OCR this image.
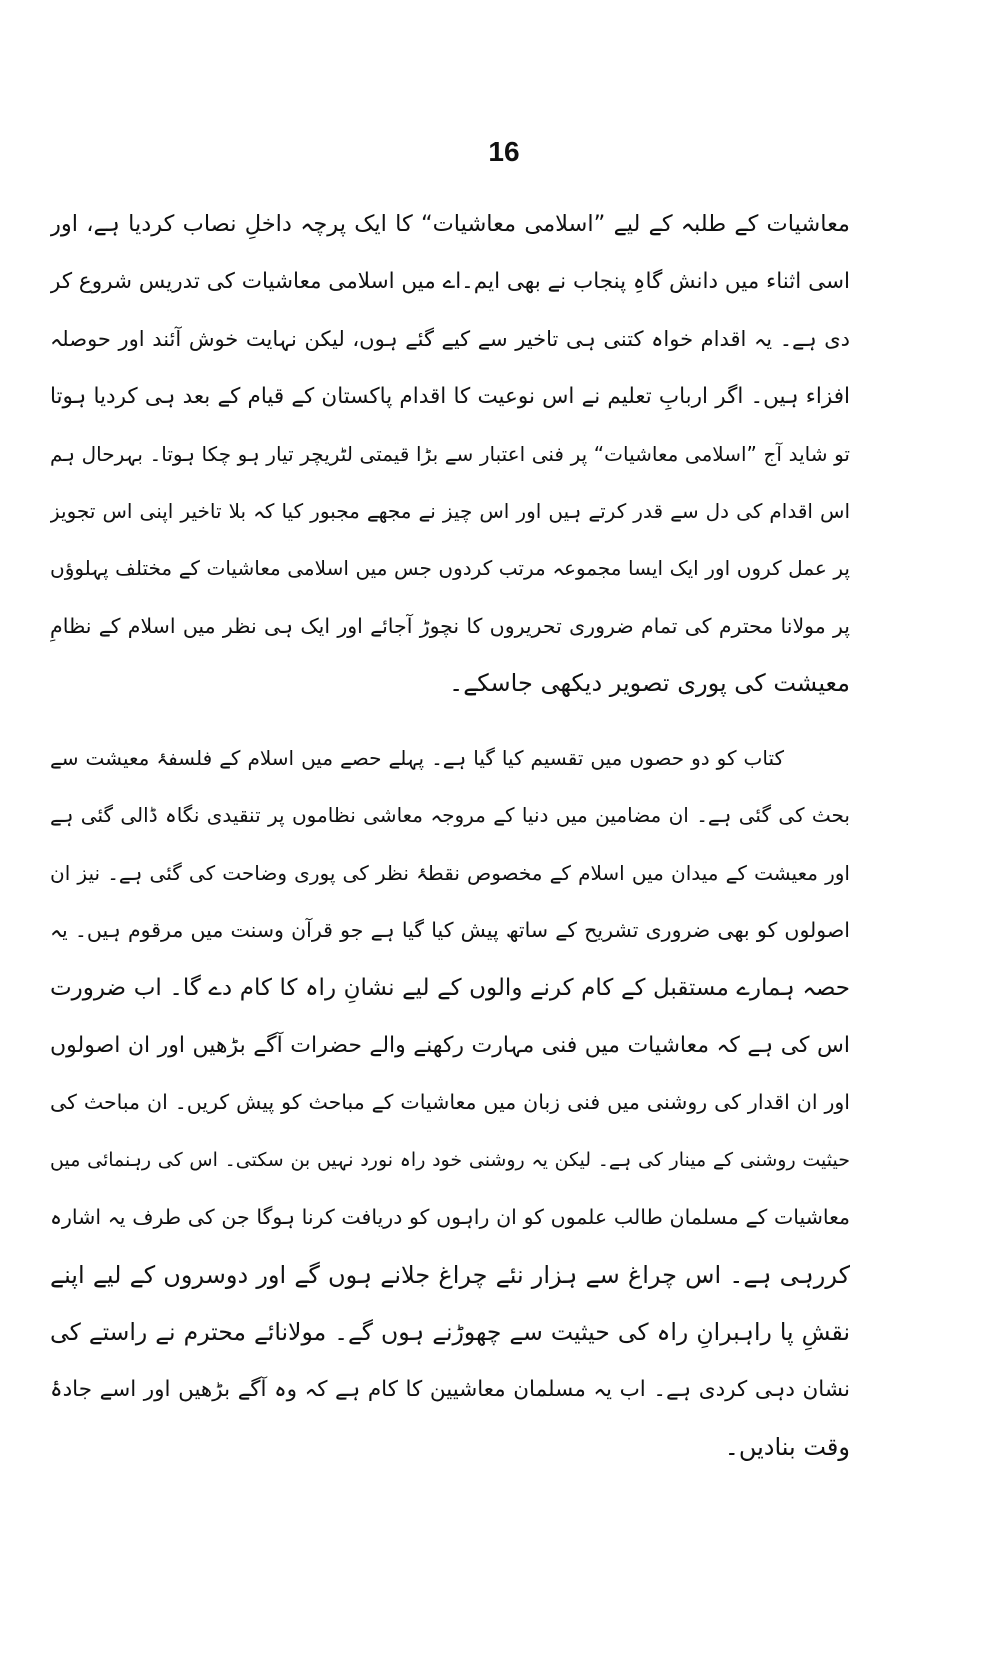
16
معاشیات کے طلبہ کے لیے ”اسلامی معاشیات“ کا ایک پرچہ داخلِ نصاب کردیا ہے، اور
اسی اثناء میں دانش گاہِ پنجاب نے بھی ایم۔اے میں اسلامی معاشیات کی تدریس شروع کر
دی ہے۔ یہ اقدام خواہ کتنی ہی تاخیر سے کیے گئے ہوں، لیکن نہایت خوش آئند اور حوصلہ
افزاء ہیں۔ اگر اربابِ تعلیم نے اس نوعیت کا اقدام پاکستان کے قیام کے بعد ہی کردیا ہوتا
تو شاید آج ”اسلامی معاشیات“ پر فنی اعتبار سے بڑا قیمتی لٹریچر تیار ہو چکا ہوتا۔ بہرحال ہم
اس اقدام کی دل سے قدر کرتے ہیں اور اس چیز نے مجھے مجبور کیا کہ بلا تاخیر اپنی اس تجویز
پر عمل کروں اور ایک ایسا مجموعہ مرتب کردوں جس میں اسلامی معاشیات کے مختلف پہلوؤں
پر مولانا محترم کی تمام ضروری تحریروں کا نچوڑ آجائے اور ایک ہی نظر میں اسلام کے نظامِ
معیشت کی پوری تصویر دیکھی جاسکے۔
کتاب کو دو حصوں میں تقسیم کیا گیا ہے۔ پہلے حصے میں اسلام کے فلسفۂ معیشت سے
بحث کی گئی ہے۔ ان مضامین میں دنیا کے مروجہ معاشی نظاموں پر تنقیدی نگاہ ڈالی گئی ہے
اور معیشت کے میدان میں اسلام کے مخصوص نقطۂ نظر کی پوری وضاحت کی گئی ہے۔ نیز ان
اصولوں کو بھی ضروری تشریح کے ساتھ پیش کیا گیا ہے جو قرآن وسنت میں مرقوم ہیں۔ یہ
حصہ ہمارے مستقبل کے کام کرنے والوں کے لیے نشانِ راہ کا کام دے گا۔ اب ضرورت
اس کی ہے کہ معاشیات میں فنی مہارت رکھنے والے حضرات آگے بڑھیں اور ان اصولوں
اور ان اقدار کی روشنی میں فنی زبان میں معاشیات کے مباحث کو پیش کریں۔ ان مباحث کی
حیثیت روشنی کے مینار کی ہے۔ لیکن یہ روشنی خود راہ نورد نہیں بن سکتی۔ اس کی رہنمائی میں
معاشیات کے مسلمان طالب علموں کو ان راہوں کو دریافت کرنا ہوگا جن کی طرف یہ اشارہ
کررہی ہے۔ اس چراغ سے ہزار نئے چراغ جلانے ہوں گے اور دوسروں کے لیے اپنے
نقشِ پا راہبرانِ راہ کی حیثیت سے چھوڑنے ہوں گے۔ مولانائے محترم نے راستے کی
نشان دہی کردی ہے۔ اب یہ مسلمان معاشیین کا کام ہے کہ وہ آگے بڑھیں اور اسے جادۂ
وقت بنادیں۔
